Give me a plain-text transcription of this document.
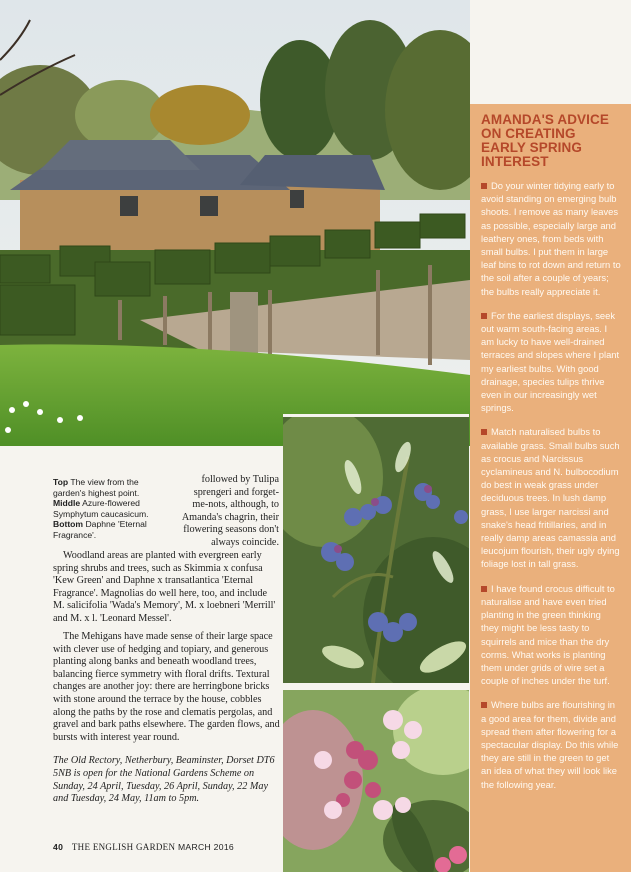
Top The view from the garden's highest point. Middle Azure-flowered Symphytum caucasicum. Bottom Daphne 'Eternal Fragrance'.
followed by Tulipa sprengeri and forget-me-nots, although, to Amanda's chagrin, their flowering seasons don't always coincide.

Woodland areas are planted with evergreen early spring shrubs and trees, such as Skimmia x confusa 'Kew Green' and Daphne x transatlantica 'Eternal Fragrance'. Magnolias do well here, too, and include M. salicifolia 'Wada's Memory', M. x loebneri 'Merrill' and M. x l. 'Leonard Messel'.

The Mehigans have made sense of their large space with clever use of hedging and topiary, and generous planting along banks and beneath woodland trees, balancing fierce symmetry with floral drifts. Textural changes are another joy: there are herringbone bricks with stone around the terrace by the house, cobbles along the paths by the rose and clematis pergolas, and gravel and bark paths elsewhere. The garden flows, and bursts with interest year round.

The Old Rectory, Netherbury, Beaminster, Dorset DT6 5NB is open for the National Gardens Scheme on Sunday, 24 April, Tuesday, 26 April, Sunday, 22 May and Tuesday, 24 May, 11am to 5pm.

40 THE ENGLISH GARDEN MARCH 2016
AMANDA'S ADVICE ON CREATING EARLY SPRING INTEREST

Do your winter tidying early to avoid standing on emerging bulb shoots. I remove as many leaves as possible, especially large and leathery ones, from beds with small bulbs. I put them in large leaf bins to rot down and return to the soil after a couple of years; the bulbs really appreciate it.

For the earliest displays, seek out warm south-facing areas. I am lucky to have well-drained terraces and slopes where I plant my earliest bulbs. With good drainage, species tulips thrive even in our increasingly wet springs.

Match naturalised bulbs to available grass. Small bulbs such as crocus and Narcissus cyclamineus and N. bulbocodium do best in weak grass under deciduous trees. In lush damp grass, I use larger narcissi and snake's head fritillaries, and in really damp areas camassia and leucojum flourish, their ugly dying foliage lost in tall grass.

I have found crocus difficult to naturalise and have even tried planting in the green thinking they might be less tasty to squirrels and mice than the dry corms. What works is planting them under grids of wire set a couple of inches under the turf.

Where bulbs are flourishing in a good area for them, divide and spread them after flowering for a spectacular display. Do this while they are still in the green to get an idea of what they will look like the following year.
